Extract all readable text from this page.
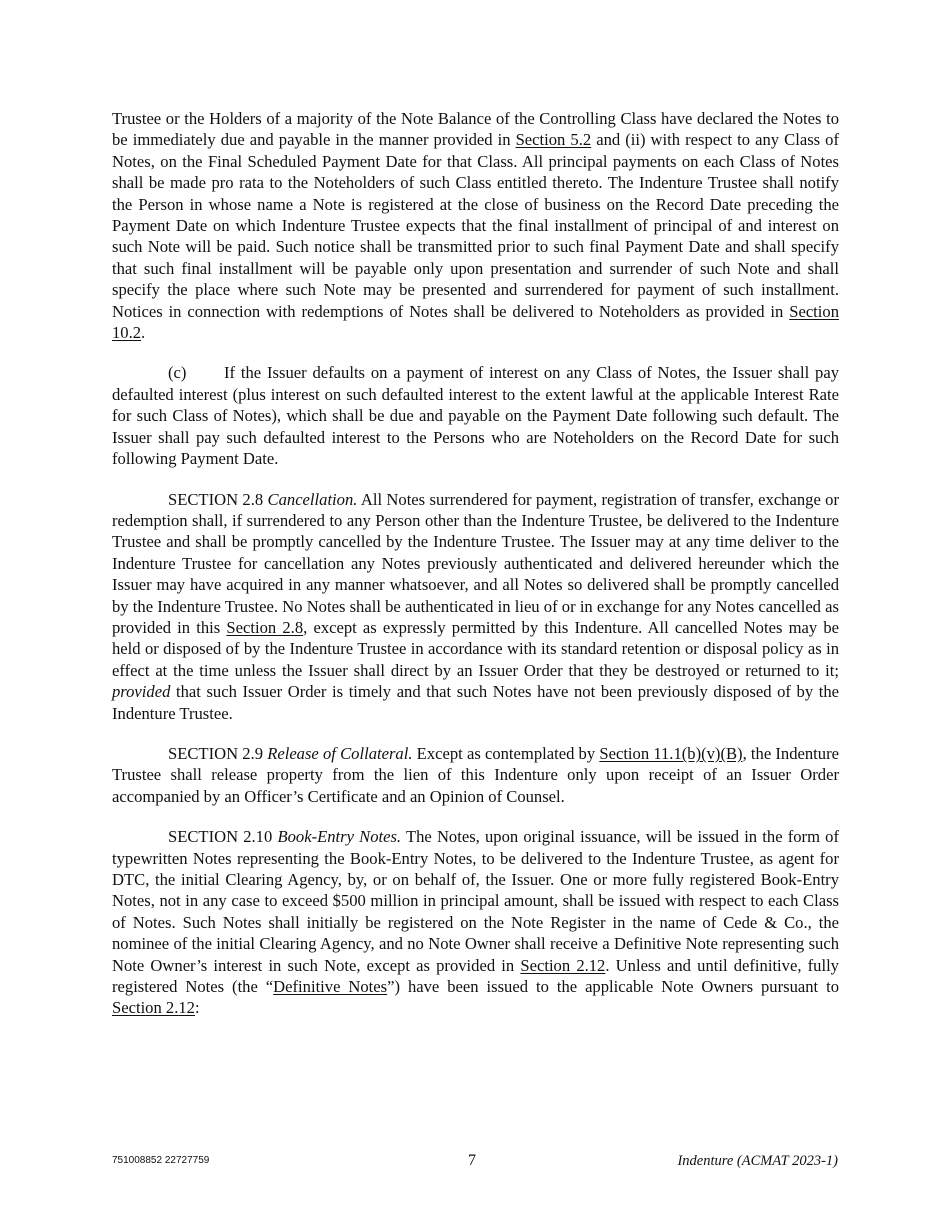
Trustee or the Holders of a majority of the Note Balance of the Controlling Class have declared the Notes to be immediately due and payable in the manner provided in Section 5.2 and (ii) with respect to any Class of Notes, on the Final Scheduled Payment Date for that Class. All principal payments on each Class of Notes shall be made pro rata to the Noteholders of such Class entitled thereto. The Indenture Trustee shall notify the Person in whose name a Note is registered at the close of business on the Record Date preceding the Payment Date on which Indenture Trustee expects that the final installment of principal of and interest on such Note will be paid. Such notice shall be transmitted prior to such final Payment Date and shall specify that such final installment will be payable only upon presentation and surrender of such Note and shall specify the place where such Note may be presented and surrendered for payment of such installment. Notices in connection with redemptions of Notes shall be delivered to Noteholders as provided in Section 10.2.

(c) If the Issuer defaults on a payment of interest on any Class of Notes, the Issuer shall pay defaulted interest (plus interest on such defaulted interest to the extent lawful at the applicable Interest Rate for such Class of Notes), which shall be due and payable on the Payment Date following such default. The Issuer shall pay such defaulted interest to the Persons who are Noteholders on the Record Date for such following Payment Date.

SECTION 2.8 Cancellation. All Notes surrendered for payment, registration of transfer, exchange or redemption shall, if surrendered to any Person other than the Indenture Trustee, be delivered to the Indenture Trustee and shall be promptly cancelled by the Indenture Trustee. The Issuer may at any time deliver to the Indenture Trustee for cancellation any Notes previously authenticated and delivered hereunder which the Issuer may have acquired in any manner whatsoever, and all Notes so delivered shall be promptly cancelled by the Indenture Trustee. No Notes shall be authenticated in lieu of or in exchange for any Notes cancelled as provided in this Section 2.8, except as expressly permitted by this Indenture. All cancelled Notes may be held or disposed of by the Indenture Trustee in accordance with its standard retention or disposal policy as in effect at the time unless the Issuer shall direct by an Issuer Order that they be destroyed or returned to it; provided that such Issuer Order is timely and that such Notes have not been previously disposed of by the Indenture Trustee.

SECTION 2.9 Release of Collateral. Except as contemplated by Section 11.1(b)(v)(B), the Indenture Trustee shall release property from the lien of this Indenture only upon receipt of an Issuer Order accompanied by an Officer’s Certificate and an Opinion of Counsel.

SECTION 2.10 Book-Entry Notes. The Notes, upon original issuance, will be issued in the form of typewritten Notes representing the Book-Entry Notes, to be delivered to the Indenture Trustee, as agent for DTC, the initial Clearing Agency, by, or on behalf of, the Issuer. One or more fully registered Book-Entry Notes, not in any case to exceed $500 million in principal amount, shall be issued with respect to each Class of Notes. Such Notes shall initially be registered on the Note Register in the name of Cede & Co., the nominee of the initial Clearing Agency, and no Note Owner shall receive a Definitive Note representing such Note Owner’s interest in such Note, except as provided in Section 2.12. Unless and until definitive, fully registered Notes (the “Definitive Notes”) have been issued to the applicable Note Owners pursuant to Section 2.12:

751008852 22727759	7	Indenture (ACMAT 2023-1)
